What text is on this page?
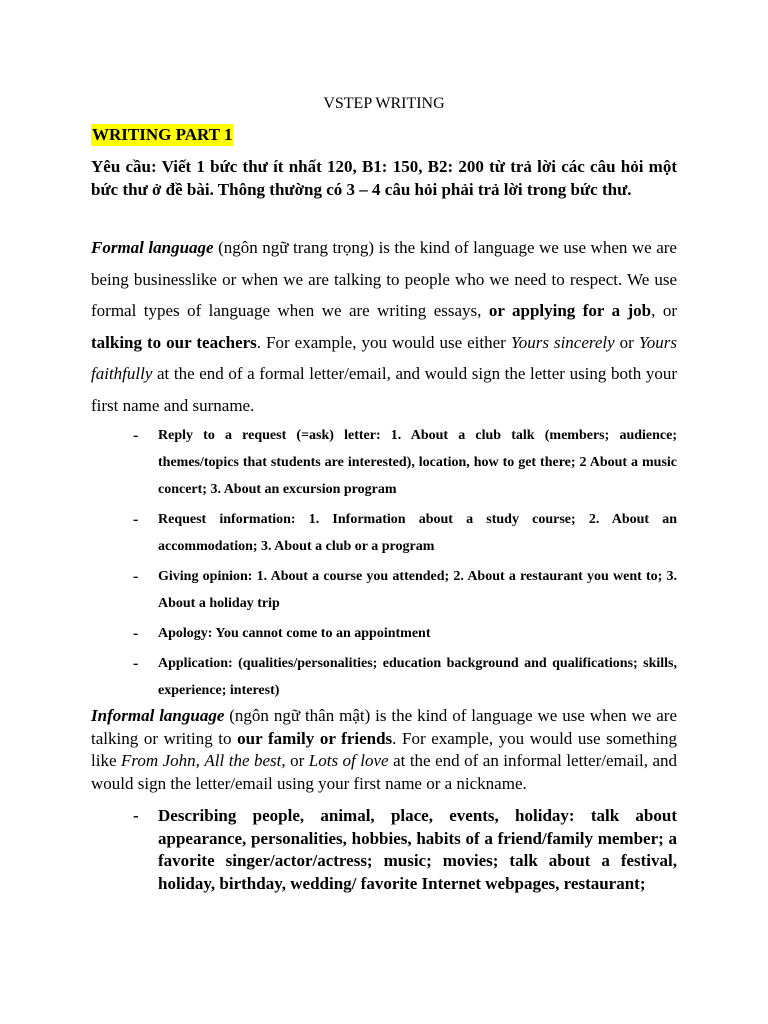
VSTEP WRITING
WRITING PART 1
Yêu cầu: Viết 1 bức thư ít nhất 120, B1: 150, B2: 200 từ trả lời các câu hỏi một bức thư ở đề bài. Thông thường có 3 – 4 câu hỏi phải trả lời trong bức thư.

Formal language (ngôn ngữ trang trọng) is the kind of language we use when we are being businesslike or when we are talking to people who we need to respect. We use formal types of language when we are writing essays, or applying for a job, or talking to our teachers. For example, you would use either Yours sincerely or Yours faithfully at the end of a formal letter/email, and would sign the letter using both your first name and surname.

- Reply to a request (=ask) letter: 1. About a club talk (members; audience; themes/topics that students are interested), location, how to get there; 2 About a music concert; 3. About an excursion program
- Request information: 1. Information about a study course; 2. About an accommodation; 3. About a club or a program
- Giving opinion: 1. About a course you attended; 2. About a restaurant you went to; 3. About a holiday trip
- Apology: You cannot come to an appointment
- Application: (qualities/personalities; education background and qualifications; skills, experience; interest)

Informal language (ngôn ngữ thân mật) is the kind of language we use when we are talking or writing to our family or friends. For example, you would use something like From John, All the best, or Lots of love at the end of an informal letter/email, and would sign the letter/email using your first name or a nickname.

- Describing people, animal, place, events, holiday: talk about appearance, personalities, hobbies, habits of a friend/family member; a favorite singer/actor/actress; music; movies; talk about a festival, holiday, birthday, wedding/ favorite Internet webpages, restaurant;
